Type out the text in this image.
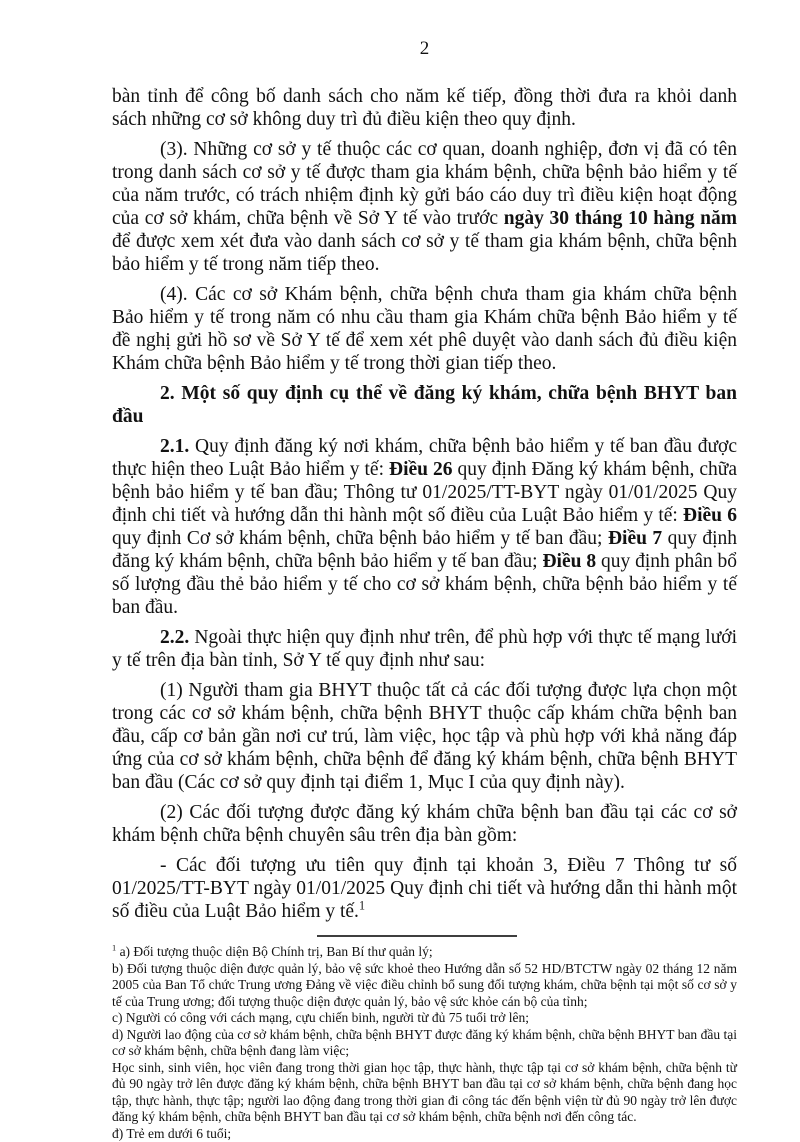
2

bàn tỉnh để công bố danh sách cho năm kế tiếp, đồng thời đưa ra khỏi danh sách những cơ sở không duy trì đủ điều kiện theo quy định.

(3). Những cơ sở y tế thuộc các cơ quan, doanh nghiệp, đơn vị đã có tên trong danh sách cơ sở y tế được tham gia khám bệnh, chữa bệnh bảo hiểm y tế của năm trước, có trách nhiệm định kỳ gửi báo cáo duy trì điều kiện hoạt động của cơ sở khám, chữa bệnh về Sở Y tế vào trước ngày 30 tháng 10 hàng năm để được xem xét đưa vào danh sách cơ sở y tế tham gia khám bệnh, chữa bệnh bảo hiểm y tế trong năm tiếp theo.

(4). Các cơ sở Khám bệnh, chữa bệnh chưa tham gia khám chữa bệnh Bảo hiểm y tế trong năm có nhu cầu tham gia Khám chữa bệnh Bảo hiểm y tế đề nghị gửi hồ sơ về Sở Y tế để xem xét phê duyệt vào danh sách đủ điều kiện Khám chữa bệnh Bảo hiểm y tế trong thời gian tiếp theo.

2. Một số quy định cụ thể về đăng ký khám, chữa bệnh BHYT ban đầu

2.1. Quy định đăng ký nơi khám, chữa bệnh bảo hiểm y tế ban đầu được thực hiện theo Luật Bảo hiểm y tế: Điều 26 quy định Đăng ký khám bệnh, chữa bệnh bảo hiểm y tế ban đầu; Thông tư 01/2025/TT-BYT ngày 01/01/2025 Quy định chi tiết và hướng dẫn thi hành một số điều của Luật Bảo hiểm y tế: Điều 6 quy định Cơ sở khám bệnh, chữa bệnh bảo hiểm y tế ban đầu; Điều 7 quy định đăng ký khám bệnh, chữa bệnh bảo hiểm y tế ban đầu; Điều 8 quy định phân bổ số lượng đầu thẻ bảo hiểm y tế cho cơ sở khám bệnh, chữa bệnh bảo hiểm y tế ban đầu.

2.2. Ngoài thực hiện quy định như trên, để phù hợp với thực tế mạng lưới y tế trên địa bàn tỉnh, Sở Y tế quy định như sau:

(1) Người tham gia BHYT thuộc tất cả các đối tượng được lựa chọn một trong các cơ sở khám bệnh, chữa bệnh BHYT thuộc cấp khám chữa bệnh ban đầu, cấp cơ bản gần nơi cư trú, làm việc, học tập và phù hợp với khả năng đáp ứng của cơ sở khám bệnh, chữa bệnh để đăng ký khám bệnh, chữa bệnh BHYT ban đầu (Các cơ sở quy định tại điểm 1, Mục I của quy định này).

(2) Các đối tượng được đăng ký khám chữa bệnh ban đầu tại các cơ sở khám bệnh chữa bệnh chuyên sâu trên địa bàn gồm:

- Các đối tượng ưu tiên quy định tại khoản 3, Điều 7 Thông tư số 01/2025/TT-BYT ngày 01/01/2025 Quy định chi tiết và hướng dẫn thi hành một số điều của Luật Bảo hiểm y tế.$^1$

$^1$ a) Đối tượng thuộc diện Bộ Chính trị, Ban Bí thư quản lý;

b) Đối tượng thuộc diện được quản lý, bảo vệ sức khoẻ theo Hướng dẫn số 52 HD/BTCTW ngày 02 tháng 12 năm 2005 của Ban Tổ chức Trung ương Đảng về việc điều chỉnh bổ sung đối tượng khám, chữa bệnh tại một số cơ sở y tế của Trung ương; đối tượng thuộc diện được quản lý, bảo vệ sức khỏe cán bộ của tỉnh;

c) Người có công với cách mạng, cựu chiến binh, người từ đủ 75 tuổi trở lên;

d) Người lao động của cơ sở khám bệnh, chữa bệnh BHYT được đăng ký khám bệnh, chữa bệnh BHYT ban đầu tại cơ sở khám bệnh, chữa bệnh đang làm việc;

Học sinh, sinh viên, học viên đang trong thời gian học tập, thực hành, thực tập tại cơ sở khám bệnh, chữa bệnh từ đủ 90 ngày trở lên được đăng ký khám bệnh, chữa bệnh BHYT ban đầu tại cơ sở khám bệnh, chữa bệnh đang học tập, thực hành, thực tập; người lao động đang trong thời gian đi công tác đến bệnh viện từ đủ 90 ngày trở lên được đăng ký khám bệnh, chữa bệnh BHYT ban đầu tại cơ sở khám bệnh, chữa bệnh nơi đến công tác.

đ) Trẻ em dưới 6 tuổi;
